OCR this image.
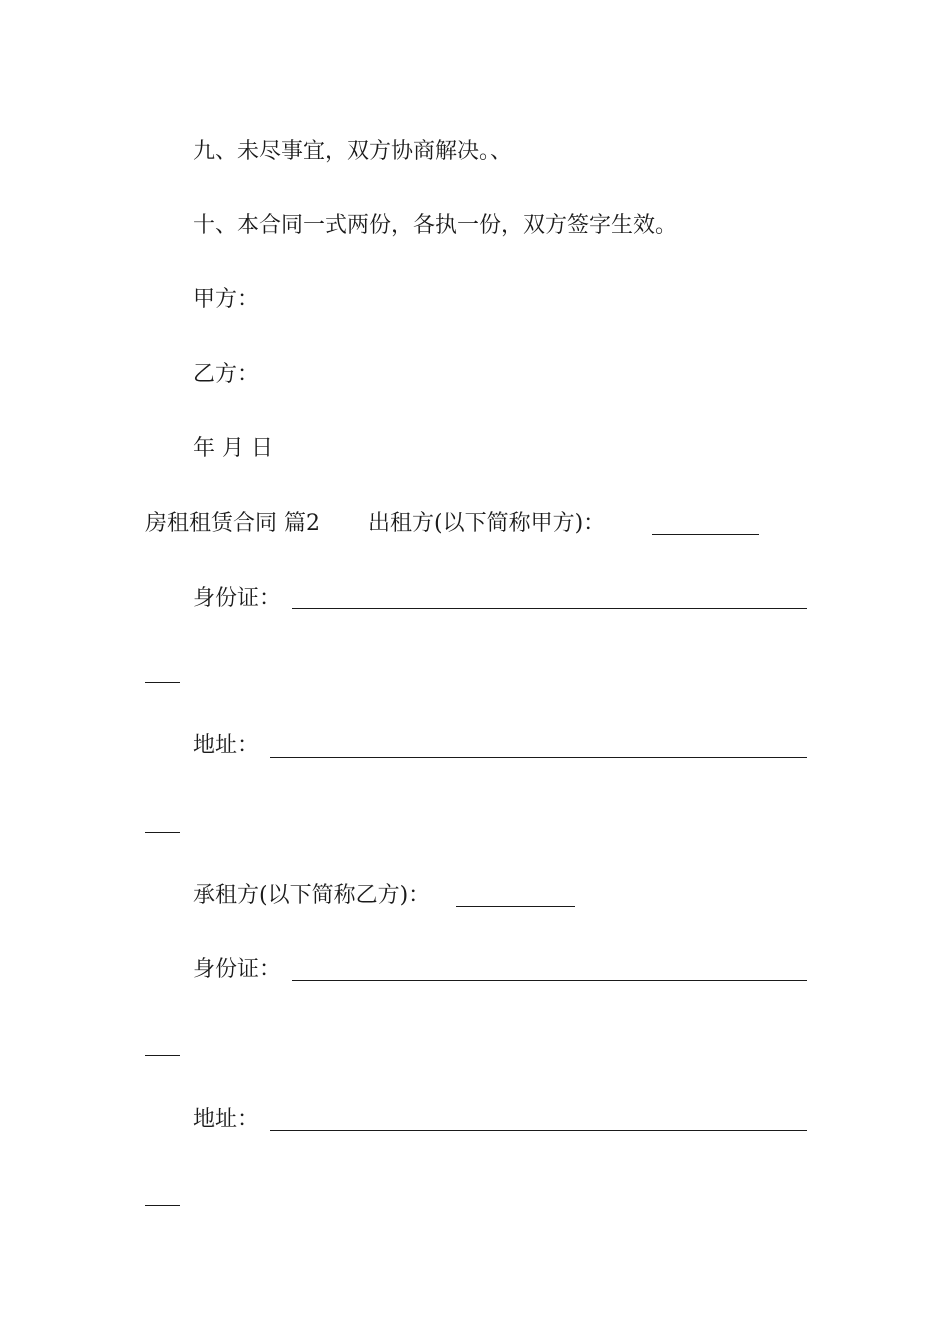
九、未尽事宜，双方协商解决。、
十、本合同一式两份，各执一份，双方签字生效。
甲方：
乙方：
年 月 日
房租租赁合同 篇2 出租方(以下简称甲方)：
身份证：
地址：
承租方(以下简称乙方)：
身份证：
地址：
